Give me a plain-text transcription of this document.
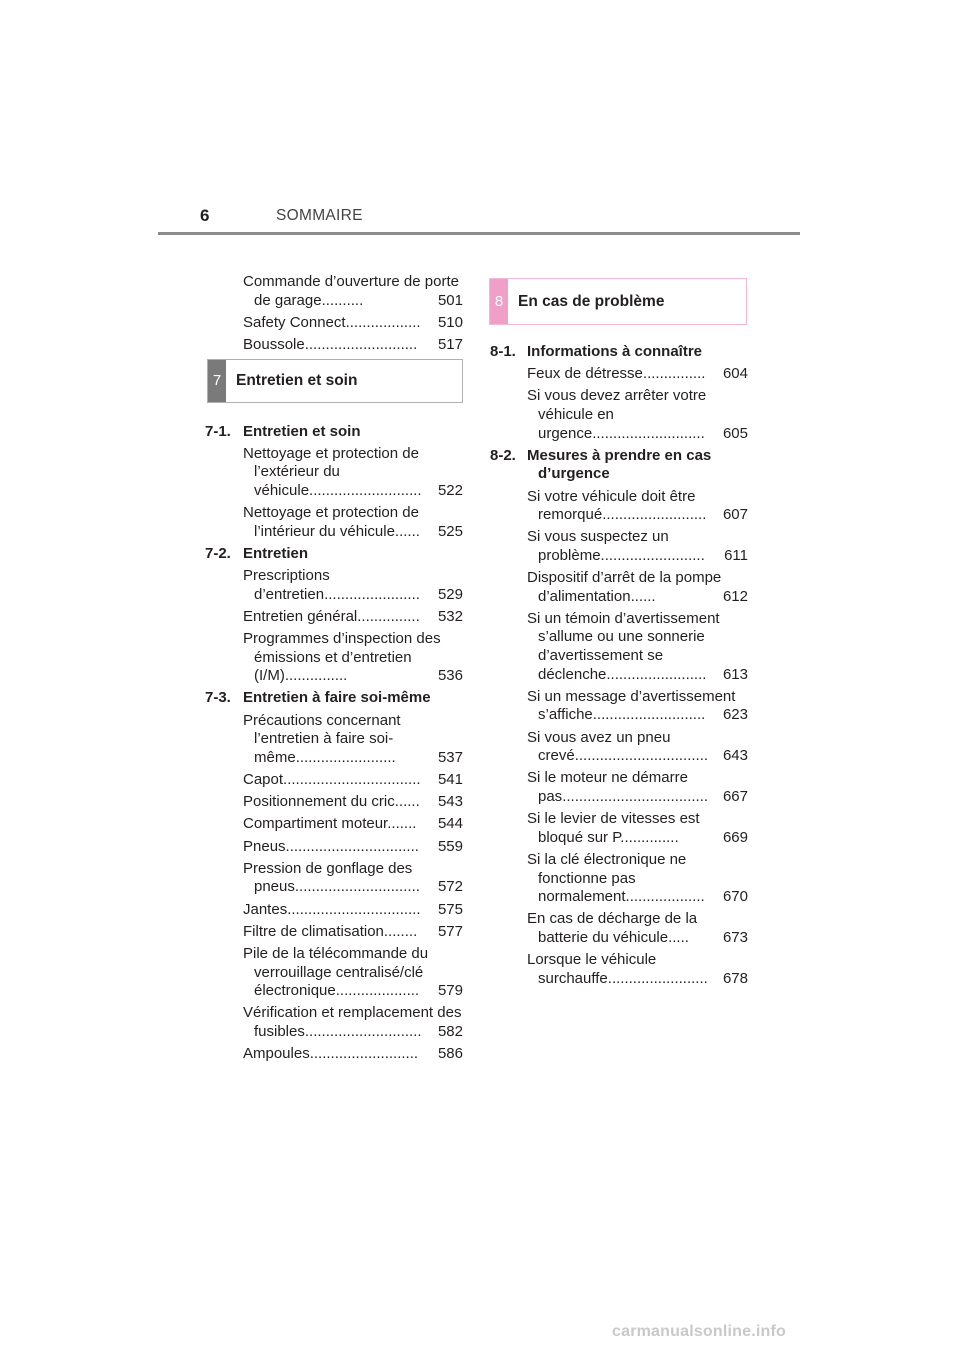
6	SOMMAIRE
Commande d’ouverture de porte de garage..........	501
Safety Connect.................. 510
Boussole........................... 517
7 Entretien et soin
7-1. Entretien et soin
Nettoyage et protection de l’extérieur du véhicule........................... 522
Nettoyage et protection de l’intérieur du véhicule...... 525
7-2. Entretien
Prescriptions d’entretien....................... 529
Entretien général............... 532
Programmes d’inspection des émissions et d’entretien (I/M)...............	536
7-3. Entretien à faire soi-même
Précautions concernant l’entretien à faire soi-même........................	537
Capot................................. 541
Positionnement du cric...... 543
Compartiment moteur....... 544
Pneus................................ 559
Pression de gonflage des pneus.............................. 572
Jantes................................ 575
Filtre de climatisation........ 577
Pile de la télécommande du verrouillage centralisé/clé électronique.................... 579
Vérification et remplacement des fusibles............................ 582
Ampoules.......................... 586
8 En cas de problème
8-1. Informations à connaître
Feux de détresse............... 604
Si vous devez arrêter votre véhicule en urgence........................... 605
8-2. Mesures à prendre en cas d’urgence
Si votre véhicule doit être remorqué......................... 607
Si vous suspectez un problème......................... 611
Dispositif d’arrêt de la pompe d’alimentation......	612
Si un témoin d’avertissement s’allume ou une sonnerie d’avertissement se déclenche........................ 613
Si un message d’avertissement s’affiche........................... 623
Si vous avez un pneu crevé................................ 643
Si le moteur ne démarre pas................................... 667
Si le levier de vitesses est bloqué sur P..............	669
Si la clé électronique ne fonctionne pas normalement................... 670
En cas de décharge de la batterie du véhicule..... 673
Lorsque le véhicule surchauffe........................ 678
carmanualsonline.info
